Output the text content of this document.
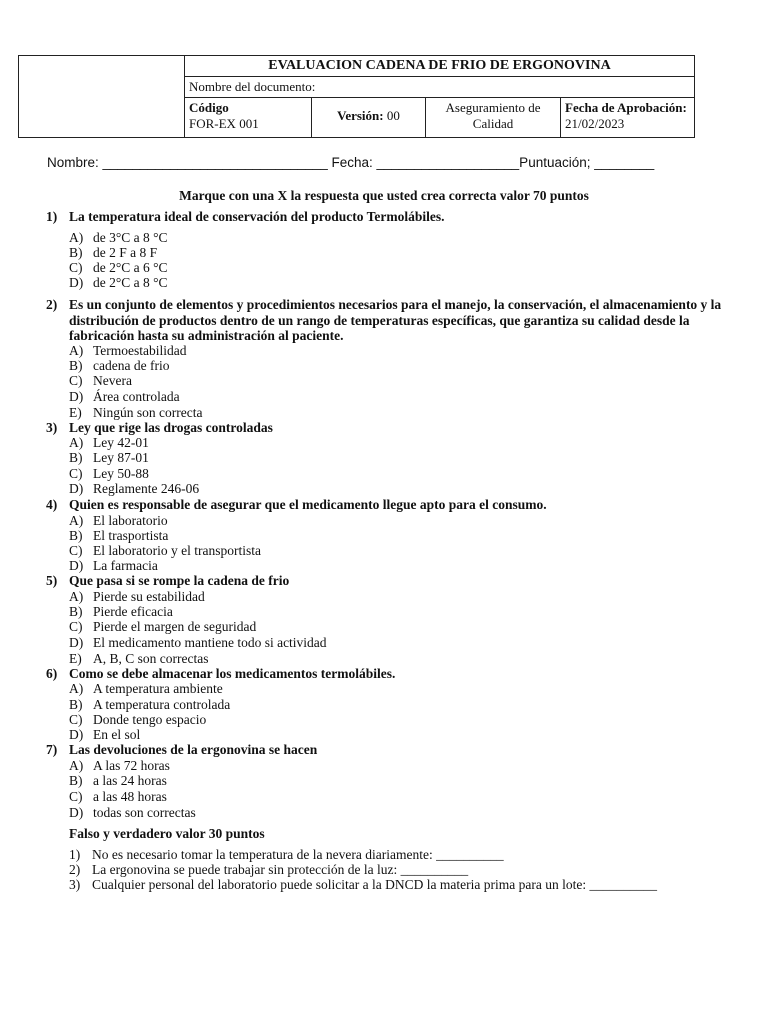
EVALUACION CADENA DE FRIO DE ERGONOVINA
Nombre del documento:
Código
FOR-EX 001
Versión: 00
Aseguramiento de
Calidad
Fecha de Aprobación:
21/02/2023
Nombre: ______________________________ Fecha: ___________________Puntuación; ________
Marque con una X la respuesta que usted crea correcta valor 70 puntos
1) La temperatura ideal de conservación del producto Termolábiles.
A) de 3°C a 8 °C
B) de 2 F a 8 F
C) de 2°C a 6 °C
D) de 2°C a 8 °C
2) Es un conjunto de elementos y procedimientos necesarios para el manejo, la conservación, el almacenamiento y la distribución de productos dentro de un rango de temperaturas específicas, que garantiza su calidad desde la fabricación hasta su administración al paciente.
A) Termoestabilidad
B) cadena de frio
C) Nevera
D) Área controlada
E) Ningún son correcta
3) Ley que rige las drogas controladas
A) Ley 42-01
B) Ley 87-01
C) Ley 50-88
D) Reglamente 246-06
4) Quien es responsable de asegurar que el medicamento llegue apto para el consumo.
A) El laboratorio
B) El trasportista
C) El laboratorio y el transportista
D) La farmacia
5) Que pasa si se rompe la cadena de frio
A) Pierde su estabilidad
B) Pierde eficacia
C) Pierde el margen de seguridad
D) El medicamento mantiene todo si actividad
E) A, B, C son correctas
6) Como se debe almacenar los medicamentos termolábiles.
A) A temperatura ambiente
B) A temperatura controlada
C) Donde tengo espacio
D) En el sol
7) Las devoluciones de la ergonovina se hacen
A) A las 72 horas
B) a las 24 horas
C) a las 48 horas
D) todas son correctas
Falso y verdadero valor 30 puntos
1) No es necesario tomar la temperatura de la nevera diariamente: __________
2) La ergonovina se puede trabajar sin protección de la luz: __________
3) Cualquier personal del laboratorio puede solicitar a la DNCD la materia prima para un lote: __________
